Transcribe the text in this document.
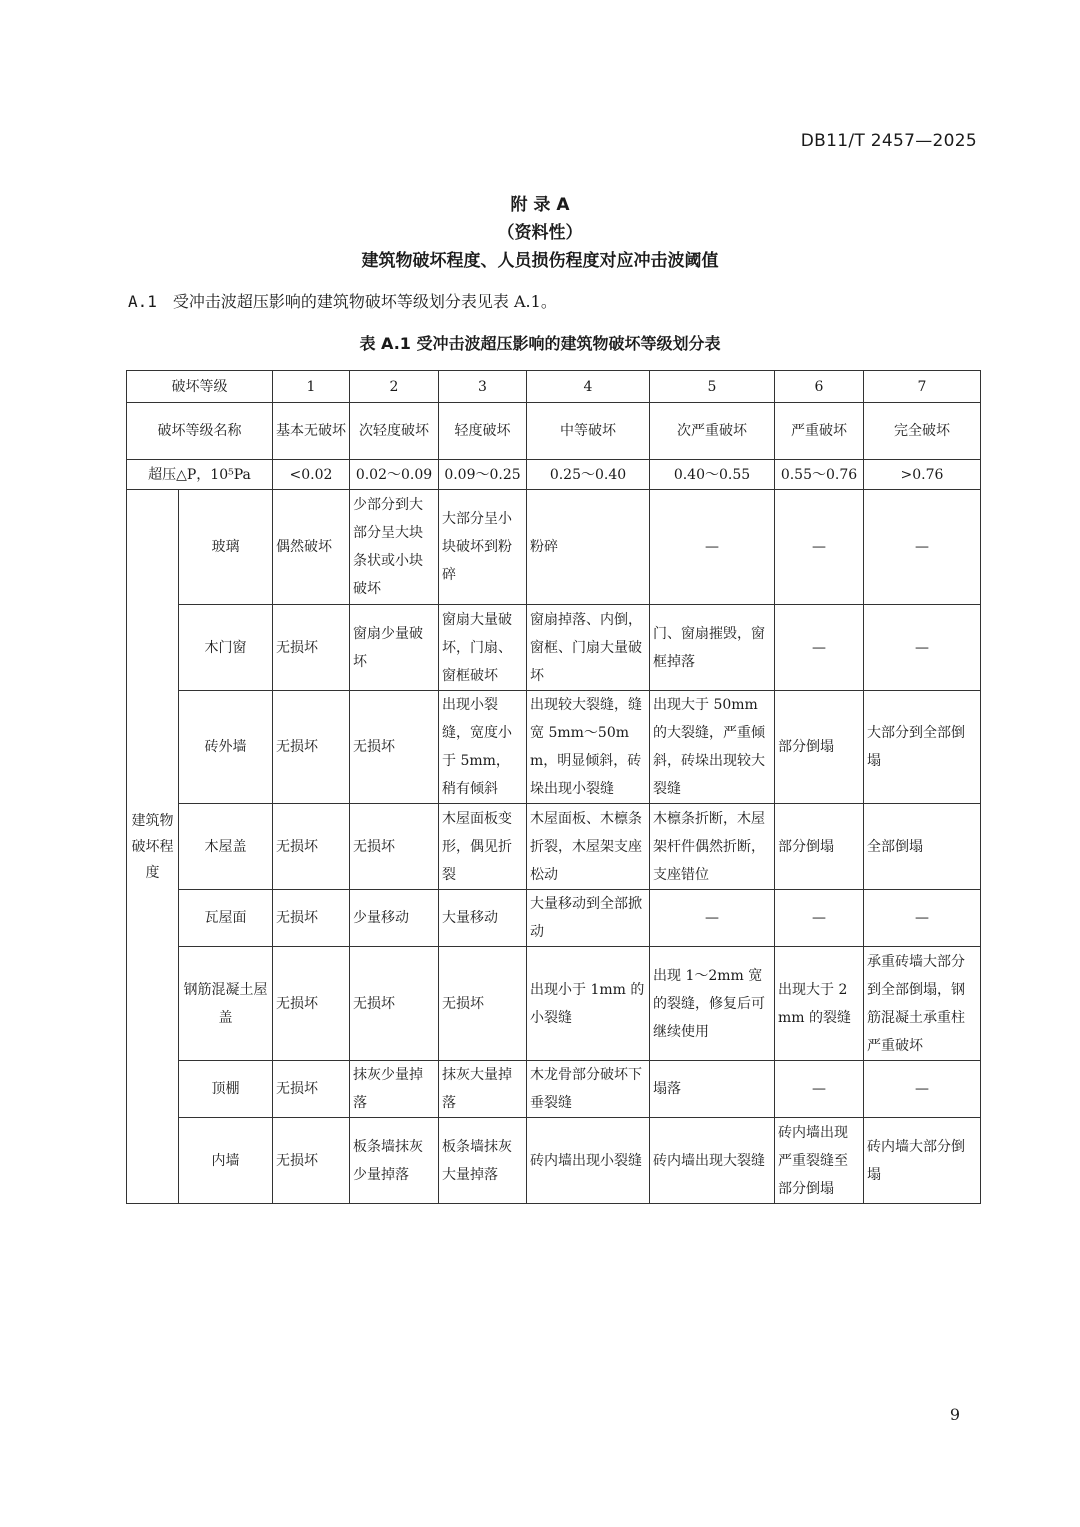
DB11/T 2457—2025
附 录 A
（资料性）
建筑物破坏程度、人员损伤程度对应冲击波阈值
A.1 受冲击波超压影响的建筑物破坏等级划分表见表 A.1。
表 A.1 受冲击波超压影响的建筑物破坏等级划分表
破坏等级		1	2	3	4	5	6	7
破坏等级名称		基本无破坏	次轻度破坏	轻度破坏	中等破坏	次严重破坏	严重破坏	完全破坏
超压△P，10⁵Pa		<0.02	0.02～0.09	0.09～0.25	0.25～0.40	0.40～0.55	0.55～0.76	>0.76
建筑物破坏程度	玻璃	偶然破坏	少部分到大部分呈大块条状或小块破坏	大部分呈小块破坏到粉碎	粉碎	—	—	—
	木门窗	无损坏	窗扇少量破坏	窗扇大量破坏，门扇、窗框破坏	窗扇掉落、内倒，窗框、门扇大量破坏	门、窗扇摧毁，窗框掉落	—	—
	砖外墙	无损坏	无损坏	出现小裂缝，宽度小于 5mm，稍有倾斜	出现较大裂缝，缝宽 5mm～50mm，明显倾斜，砖垛出现小裂缝	出现大于 50mm 的大裂缝，严重倾斜，砖垛出现较大裂缝	部分倒塌	大部分到全部倒塌
	木屋盖	无损坏	无损坏	木屋面板变形，偶见折裂	木屋面板、木檩条折裂，木屋架支座松动	木檩条折断，木屋架杆件偶然折断，支座错位	部分倒塌	全部倒塌
	瓦屋面	无损坏	少量移动	大量移动	大量移动到全部掀动	—	—	—
	钢筋混凝土屋盖	无损坏	无损坏	无损坏	出现小于 1mm 的小裂缝	出现 1～2mm 宽的裂缝，修复后可继续使用	出现大于 2mm 的裂缝	承重砖墙大部分到全部倒塌，钢筋混凝土承重柱严重破坏
	顶棚	无损坏	抹灰少量掉落	抹灰大量掉落	木龙骨部分破坏下垂裂缝	塌落	—	—
	内墙	无损坏	板条墙抹灰少量掉落	板条墙抹灰大量掉落	砖内墙出现小裂缝	砖内墙出现大裂缝	砖内墙出现严重裂缝至部分倒塌	砖内墙大部分倒塌
9
